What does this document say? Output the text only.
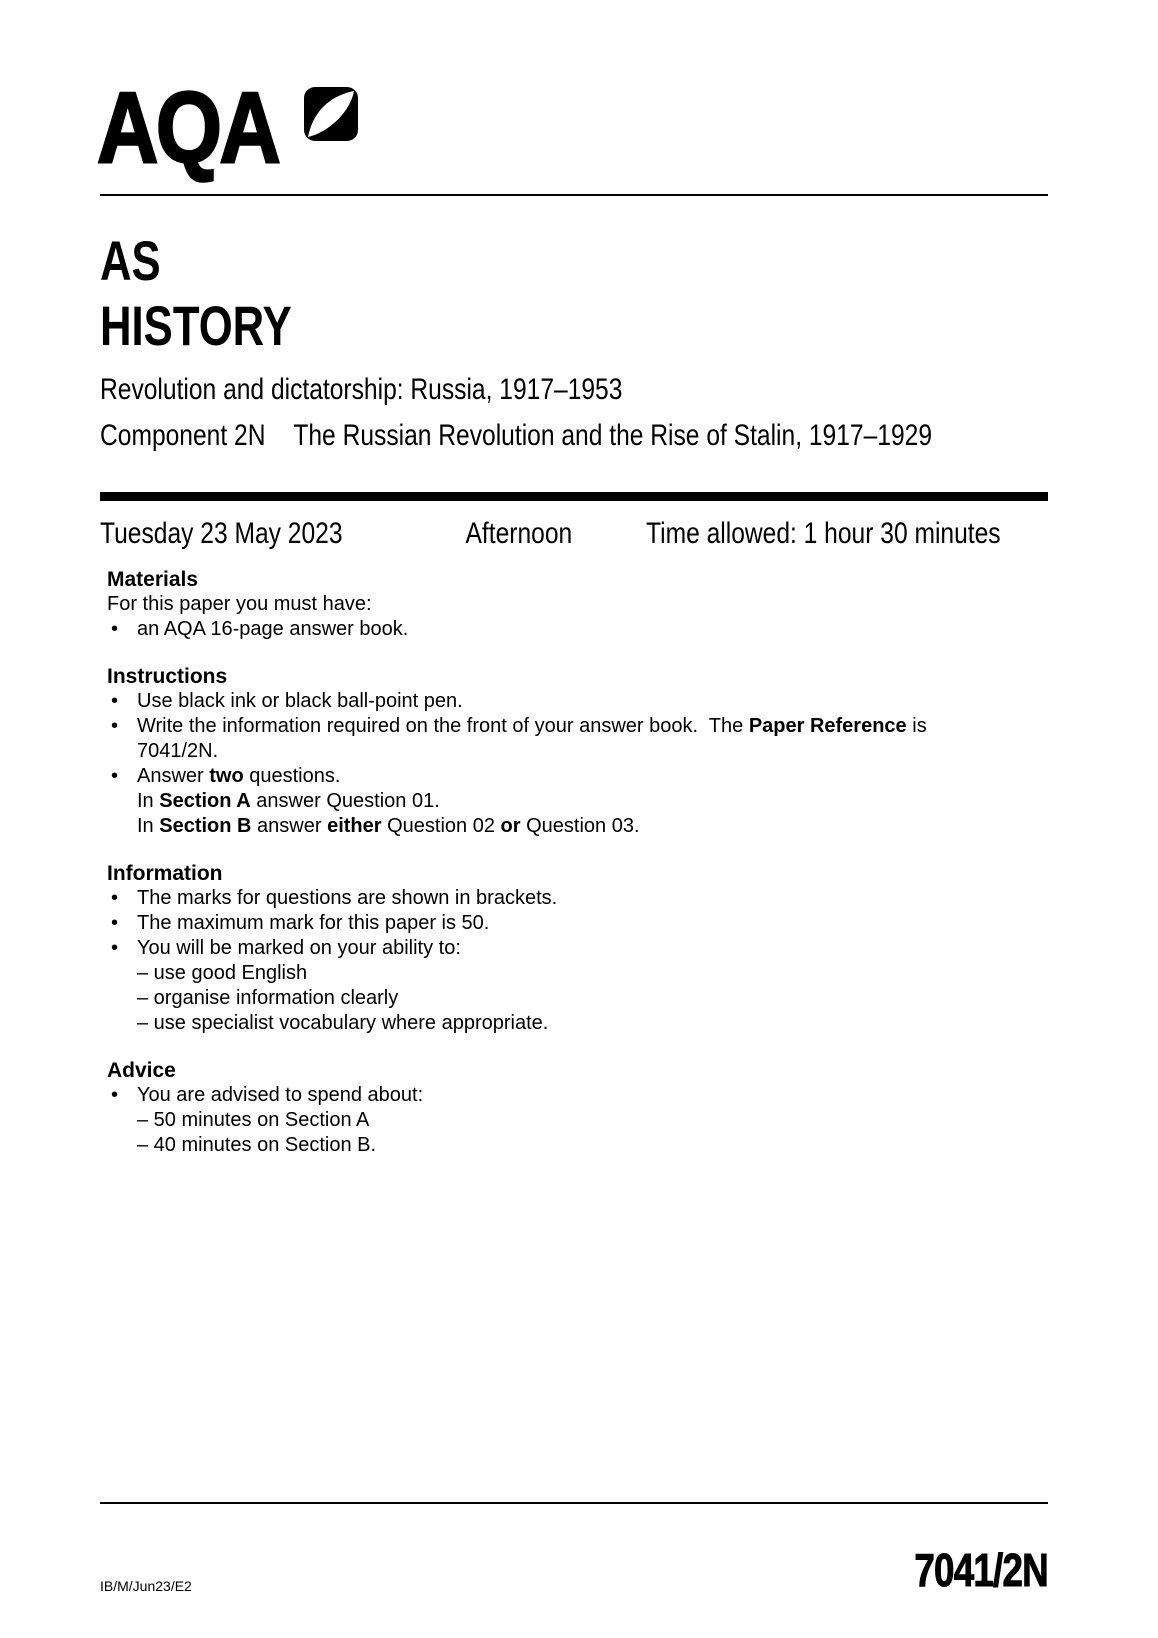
AQA
AS
HISTORY
Revolution and dictatorship: Russia, 1917–1953
Component 2N The Russian Revolution and the Rise of Stalin, 1917–1929
Tuesday 23 May 2023	Afternoon Time allowed: 1 hour 30 minutes
Materials
For this paper you must have:
• an AQA 16-page answer book.
Instructions
• Use black ink or black ball-point pen.
• Write the information required on the front of your answer book.  The Paper Reference is
7041/2N.
• Answer two questions.
In Section A answer Question 01.
In Section B answer either Question 02 or Question 03.
Information
• The marks for questions are shown in brackets.
• The maximum mark for this paper is 50.
• You will be marked on your ability to:
– use good English
– organise information clearly
– use specialist vocabulary where appropriate.
Advice
• You are advised to spend about:
– 50 minutes on Section A
– 40 minutes on Section B.
IB/M/Jun23/E2	7041/2N
